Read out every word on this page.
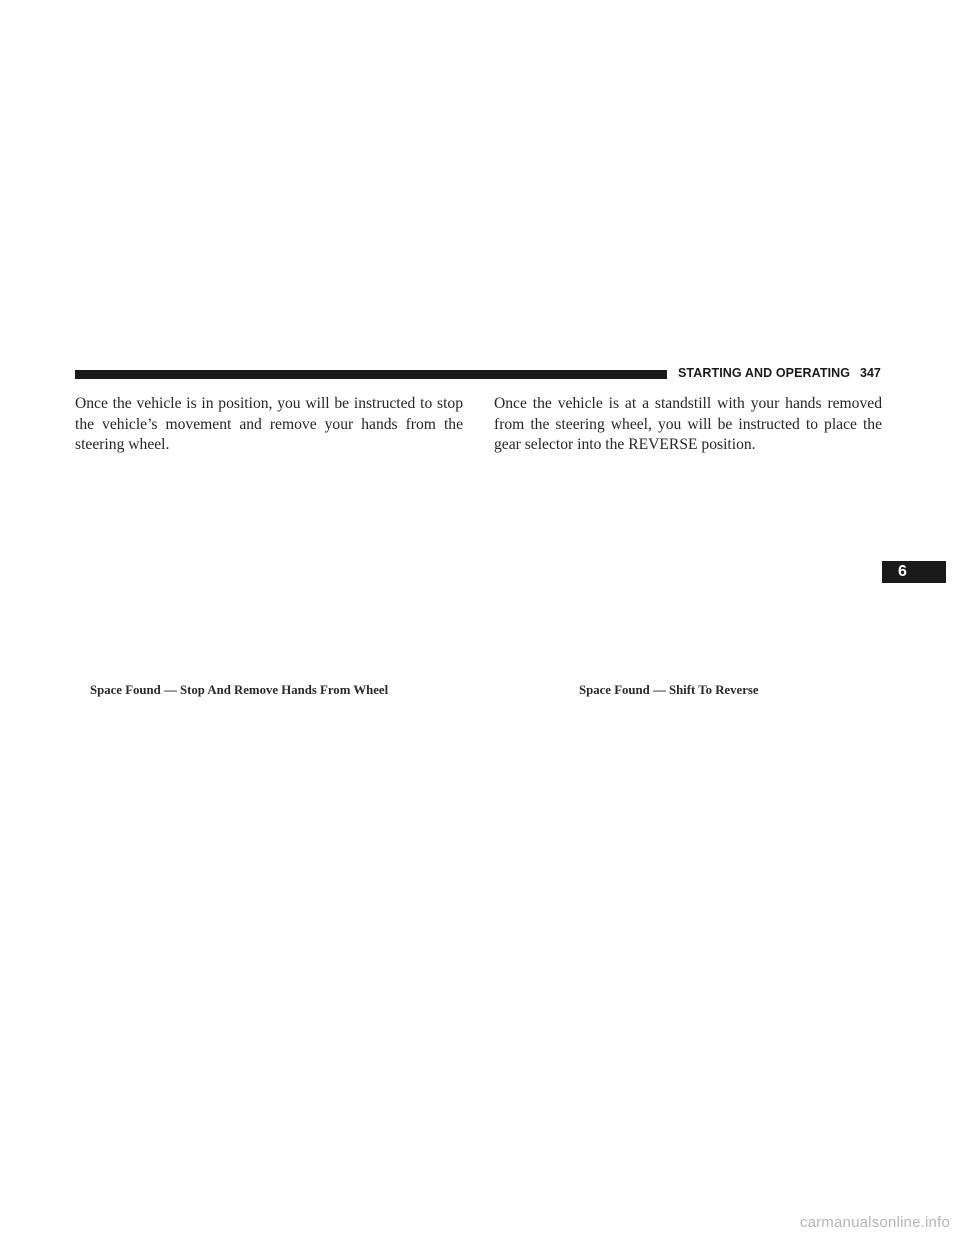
STARTING AND OPERATING 347
Once the vehicle is in position, you will be instructed to stop the vehicle’s movement and remove your hands from the steering wheel.
Once the vehicle is at a standstill with your hands removed from the steering wheel, you will be instructed to place the gear selector into the REVERSE position.
Space Found — Stop And Remove Hands From Wheel	Space Found — Shift To Reverse
6
carmanualsonline.info
